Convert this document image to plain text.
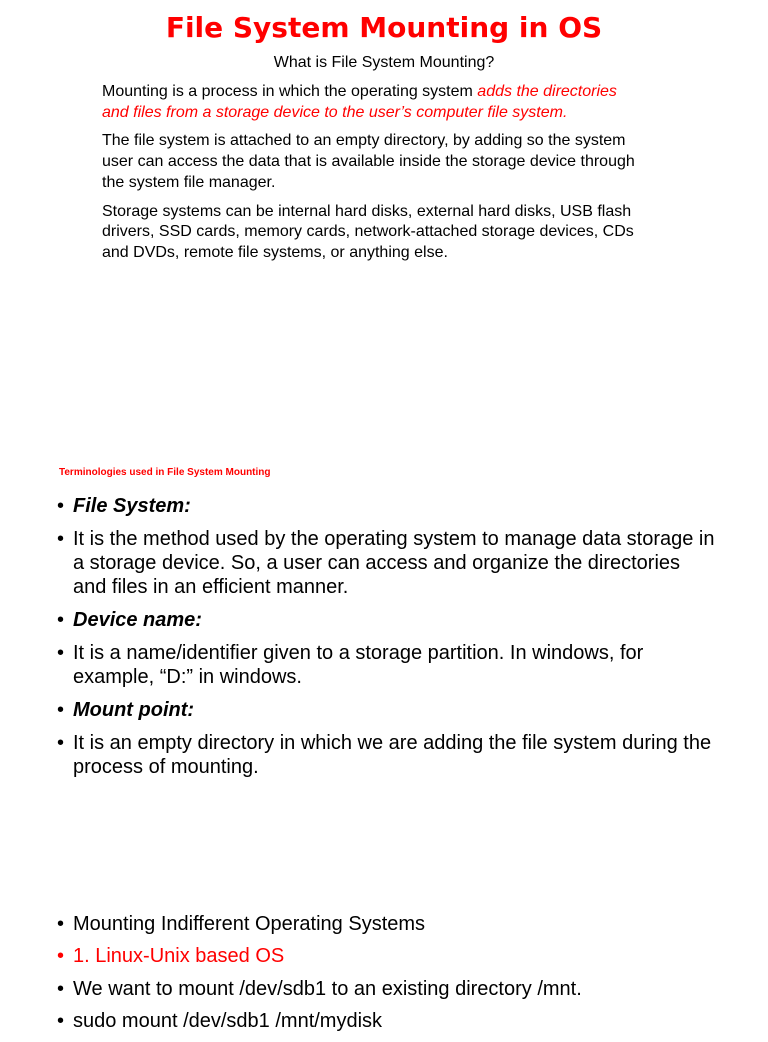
File System Mounting in OS
What is File System Mounting?

Mounting is a process in which the operating system adds the directories and files from a storage device to the user’s computer file system.

The file system is attached to an empty directory, by adding so the system user can access the data that is available inside the storage device through the system file manager.

Storage systems can be internal hard disks, external hard disks, USB flash drivers, SSD cards, memory cards, network-attached storage devices, CDs and DVDs, remote file systems, or anything else.

Terminologies used in File System Mounting
• File System:
• It is the method used by the operating system to manage data storage in a storage device. So, a user can access and organize the directories and files in an efficient manner.
• Device name:
• It is a name/identifier given to a storage partition. In windows, for example, “D:” in windows.
• Mount point:
• It is an empty directory in which we are adding the file system during the process of mounting.
• Mounting Indifferent Operating Systems
• 1. Linux-Unix based OS
• We want to mount /dev/sdb1 to an existing directory /mnt.
• sudo mount /dev/sdb1 /mnt/mydisk
